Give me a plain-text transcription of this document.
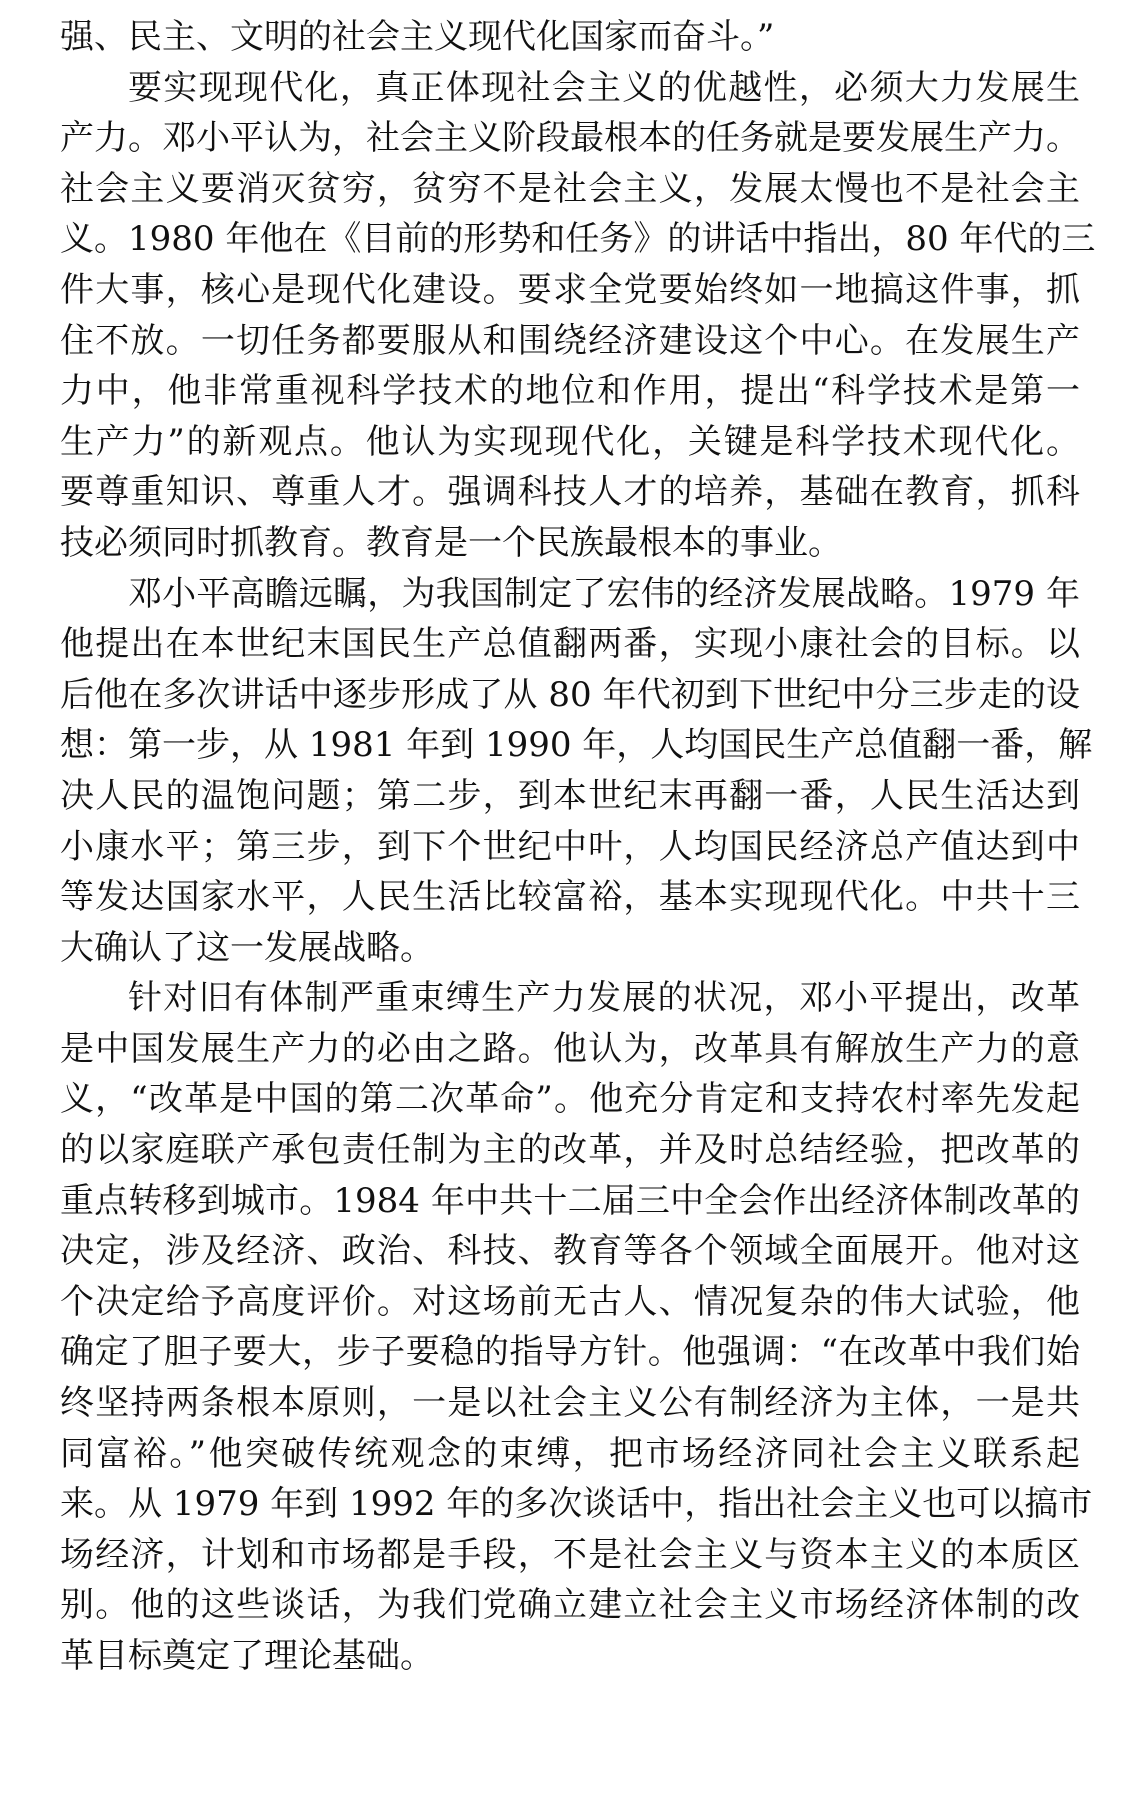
强、民主、文明的社会主义现代化国家而奋斗。”
要实现现代化，真正体现社会主义的优越性，必须大力发展生
产力。邓小平认为，社会主义阶段最根本的任务就是要发展生产力。
社会主义要消灭贫穷，贫穷不是社会主义，发展太慢也不是社会主
义。1980 年他在《目前的形势和任务》的讲话中指出，80 年代的三
件大事，核心是现代化建设。要求全党要始终如一地搞这件事，抓
住不放。一切任务都要服从和围绕经济建设这个中心。在发展生产
力中，他非常重视科学技术的地位和作用，提出“科学技术是第一
生产力”的新观点。他认为实现现代化，关键是科学技术现代化。
要尊重知识、尊重人才。强调科技人才的培养，基础在教育，抓科
技必须同时抓教育。教育是一个民族最根本的事业。
邓小平高瞻远瞩，为我国制定了宏伟的经济发展战略。1979 年
他提出在本世纪末国民生产总值翻两番，实现小康社会的目标。以
后他在多次讲话中逐步形成了从 80 年代初到下世纪中分三步走的设
想：第一步，从 1981 年到 1990 年，人均国民生产总值翻一番，解
决人民的温饱问题；第二步，到本世纪末再翻一番，人民生活达到
小康水平；第三步，到下个世纪中叶，人均国民经济总产值达到中
等发达国家水平，人民生活比较富裕，基本实现现代化。中共十三
大确认了这一发展战略。
针对旧有体制严重束缚生产力发展的状况，邓小平提出，改革
是中国发展生产力的必由之路。他认为，改革具有解放生产力的意
义，“改革是中国的第二次革命”。他充分肯定和支持农村率先发起
的以家庭联产承包责任制为主的改革，并及时总结经验，把改革的
重点转移到城市。1984 年中共十二届三中全会作出经济体制改革的
决定，涉及经济、政治、科技、教育等各个领域全面展开。他对这
个决定给予高度评价。对这场前无古人、情况复杂的伟大试验，他
确定了胆子要大，步子要稳的指导方针。他强调：“在改革中我们始
终坚持两条根本原则，一是以社会主义公有制经济为主体，一是共
同富裕。”他突破传统观念的束缚，把市场经济同社会主义联系起
来。从 1979 年到 1992 年的多次谈话中，指出社会主义也可以搞市
场经济，计划和市场都是手段，不是社会主义与资本主义的本质区
别。他的这些谈话，为我们党确立建立社会主义市场经济体制的改
革目标奠定了理论基础。
